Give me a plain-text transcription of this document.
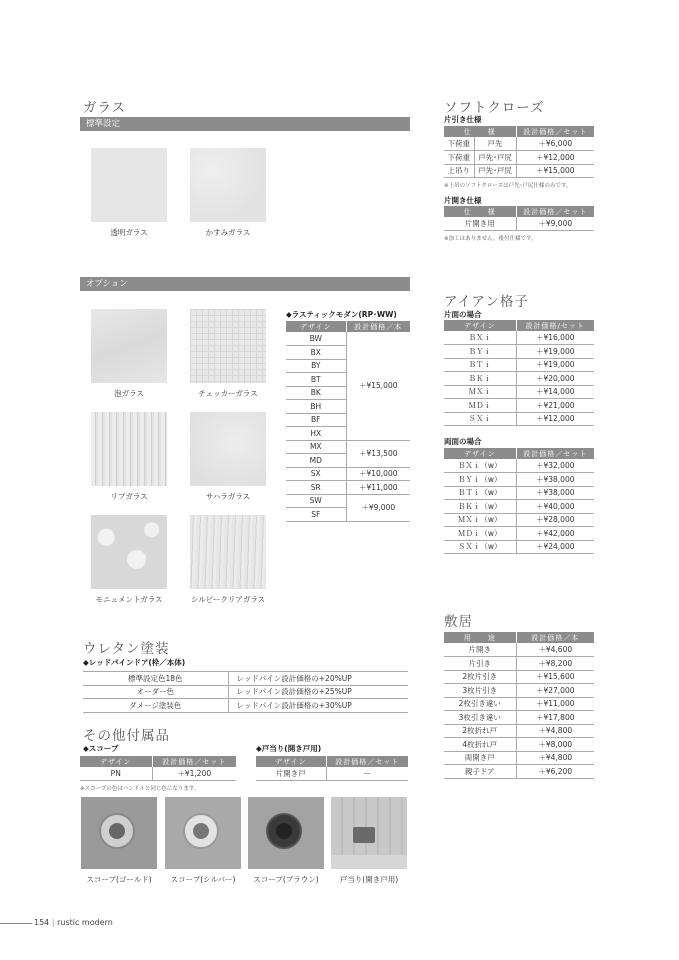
ガラス
標準設定
透明ガラス	かすみガラス
オプション
泡ガラス	チェッカーガラス
リブガラス	サハラガラス
モニュメントガラス	シルビークリアガラス
◆ラスティックモダン(RP･WW)
デザイン	設計価格／本
BW	＋¥15,000
BX	
BY	
BT	
BK	
BH	
BF	
HX	
MX	＋¥13,500
MD	
SX	＋¥10,000
SR	＋¥11,000
SW	＋¥9,000
SF	
ソフトクローズ
片引き仕様
仕　　様		設計価格／セット
下荷重	戸先	＋¥6,000
下荷重	戸先･戸尻	＋¥12,000
上吊り	戸先･戸尻	＋¥15,000
※上吊のソフトクローズは戸先･戸尻仕様のみです。
片開き仕様
仕　　様	設計価格／セット
片開き用	＋¥9,000
※加工はありません。後付仕様です。
アイアン格子
片面の場合
デザイン	設計価格/セット
ＢＸｉ	＋¥16,000
ＢＹｉ	＋¥19,000
ＢＴｉ	＋¥19,000
ＢＫｉ	＋¥20,000
ＭＸｉ	＋¥14,000
ＭＤｉ	＋¥21,000
ＳＸｉ	＋¥12,000
両面の場合
デザイン	設計価格／セット
ＢＸｉ（w）	＋¥32,000
ＢＹｉ（w）	＋¥38,000
ＢＴｉ（w）	＋¥38,000
ＢＫｉ（w）	＋¥40,000
ＭＸｉ（w）	＋¥28,000
ＭＤｉ（w）	＋¥42,000
ＳＸｉ（w）	＋¥24,000
敷居
用　　途	設計価格／本
片開き	＋¥4,600
片引き	＋¥8,200
2枚片引き	＋¥15,600
3枚片引き	＋¥27,000
2枚引き違い	＋¥11,000
3枚引き違い	＋¥17,800
2枚折れ戸	＋¥4,800
4枚折れ戸	＋¥8,000
両開き戸	＋¥4,800
親子ドア	＋¥6,200
ウレタン塗装
◆レッドパインドア(枠／本体)
標準設定色18色	レッドパイン設計価格の+20%UP
オーダー色	レッドパイン設計価格の+25%UP
ダメージ塗装色	レッドパイン設計価格の+30%UP
その他付属品
◆スコープ
デザイン	設計価格／セット
PN	＋¥1,200
※スコープの色はハンドルと同じ色になります。
◆戸当り(開き戸用)
デザイン	設計価格／セット
片開き戸	ー
スコープ(ゴールド)	スコープ(シルバー)	スコープ(ブラウン)	戸当り(開き戸用)
154 | rustic modern
